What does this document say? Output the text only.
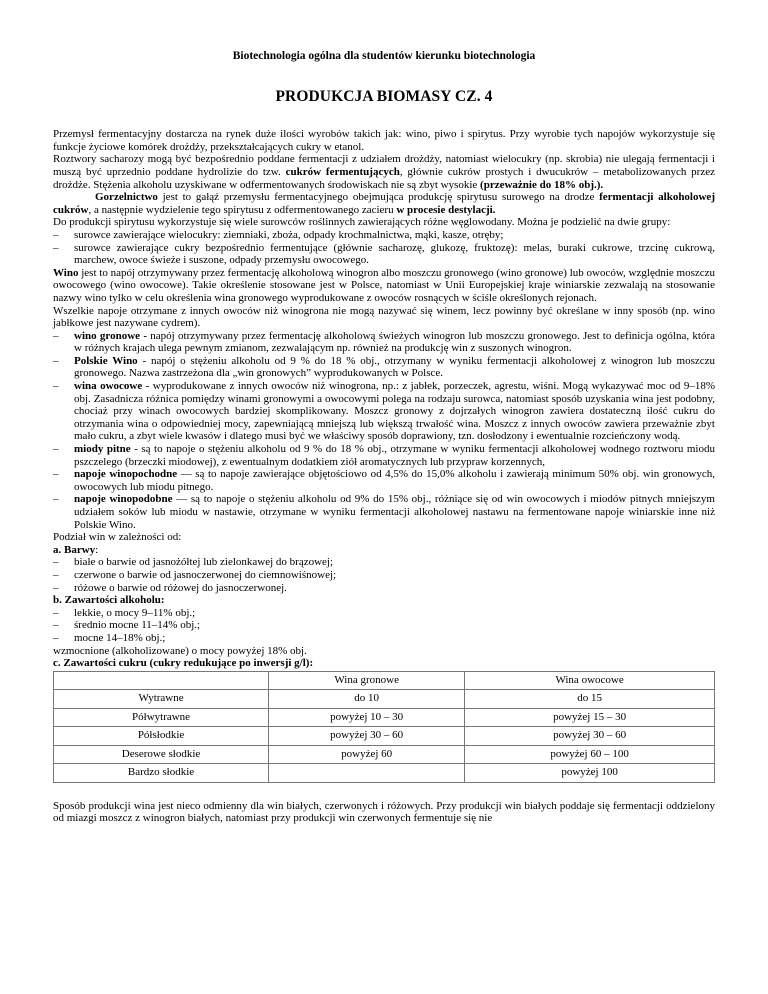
Biotechnologia ogólna dla studentów kierunku biotechnologia
PRODUKCJA BIOMASY CZ. 4

Przemysł fermentacyjny dostarcza na rynek duże ilości wyrobów takich jak: wino, piwo i spirytus. Przy wyrobie tych napojów wykorzystuje się funkcje życiowe komórek drożdży, przekształcających cukry w etanol.

Roztwory sacharozy mogą być bezpośrednio poddane fermentacji z udziałem drożdży, natomiast wielocukry (np. skrobia) nie ulegają fermentacji i muszą być uprzednio poddane hydrolizie do tzw. cukrów fermentujących, głównie cukrów prostych i dwucukrów – metabolizowanych przez drożdże. Stężenia alkoholu uzyskiwane w odfermentowanych środowiskach nie są zbyt wysokie (przeważnie do 18% obj.).

Gorzelnictwo jest to gałąź przemysłu fermentacyjnego obejmująca produkcję spirytusu surowego na drodze fermentacji alkoholowej cukrów, a następnie wydzielenie tego spirytusu z odfermentowanego zacieru w procesie destylacji.

Do produkcji spirytusu wykorzystuje się wiele surowców roślinnych zawierających różne węglowodany. Można je podzielić na dwie grupy:

– surowce zawierające wielocukry: ziemniaki, zboża, odpady krochmalnictwa, mąki, kasze, otręby;
– surowce zawierające cukry bezpośrednio fermentujące (głównie sacharozę, glukozę, fruktozę): melas, buraki cukrowe, trzcinę cukrową, marchew, owoce świeże i suszone, odpady przemysłu owocowego.

Wino jest to napój otrzymywany przez fermentację alkoholową winogron albo moszczu gronowego (wino gronowe) lub owoców, względnie moszczu owocowego (wino owocowe). Takie określenie stosowane jest w Polsce, natomiast w Unii Europejskiej kraje winiarskie zezwalają na stosowanie nazwy wino tylko w celu określenia wina gronowego wyprodukowane z owoców rosnących w ściśle określonych rejonach.

Wszelkie napoje otrzymane z innych owoców niż winogrona nie mogą nazywać się winem, lecz powinny być określane w inny sposób (np. wino jabłkowe jest nazywane cydrem).

– wino gronowe - napój otrzymywany przez fermentację alkoholową świeżych winogron lub moszczu gronowego. Jest to definicja ogólna, która w różnych krajach ulega pewnym zmianom, zezwalającym np. również na produkcję win z suszonych winogron.
– Polskie Wino - napój o stężeniu alkoholu od 9 % do 18 % obj., otrzymany w wyniku fermentacji alkoholowej z winogron lub moszczu gronowego. Nazwa zastrzeżona dla „win gronowych” wyprodukowanych w Polsce.
– wina owocowe - wyprodukowane z innych owoców niż winogrona, np.: z jabłek, porzeczek, agrestu, wiśni. Mogą wykazywać moc od 9–18% obj. Zasadnicza różnica pomiędzy winami gronowymi a owocowymi polega na rodzaju surowca, natomiast sposób uzyskania wina jest podobny, chociaż przy winach owocowych bardziej skomplikowany. Moszcz gronowy z dojrzałych winogron zawiera dostateczną ilość cukru do otrzymania wina o odpowiedniej mocy, zapewniającą mniejszą lub większą trwałość wina. Moszcz z innych owoców zawiera przeważnie zbyt mało cukru, a zbyt wiele kwasów i dlatego musi być we właściwy sposób doprawiony, tzn. dosłodzony i ewentualnie rozcieńczony wodą.
– miody pitne - są to napoje o stężeniu alkoholu od 9 % do 18 % obj., otrzymane w wyniku fermentacji alkoholowej wodnego roztworu miodu pszczelego (brzeczki miodowej), z ewentualnym dodatkiem ziół aromatycznych lub przypraw korzennych,
– napoje winopochodne — są to napoje zawierające objętościowo od 4,5% do 15,0% alkoholu i zawierają minimum 50% obj. win gronowych, owocowych lub miodu pitnego.
– napoje winopodobne — są to napoje o stężeniu alkoholu od 9% do 15% obj., różniące się od win owocowych i miodów pitnych mniejszym udziałem soków lub miodu w nastawie, otrzymane w wyniku fermentacji alkoholowej nastawu na fermentowane napoje winiarskie inne niż Polskie Wino.

Podział win w zależności od:

a. Barwy:

– białe o barwie od jasnożółtej lub zielonkawej do brązowej;
– czerwone o barwie od jasnoczerwonej do ciemnowiśnowej;
– różowe o barwie od różowej do jasnoczerwonej.

b. Zawartości alkoholu:

– lekkie, o mocy 9–11% obj.;
– średnio mocne 11–14% obj.;
– mocne 14–18% obj.;

wzmocnione (alkoholizowane) o mocy powyżej 18% obj.

c. Zawartości cukru (cukry redukujące po inwersji g/l):

	Wina gronowe	Wina owocowe
Wytrawne	do 10	do 15
Półwytrawne	powyżej 10 – 30	powyżej 15 – 30
Półsłodkie	powyżej 30 – 60	powyżej 30 – 60
Deserowe słodkie	powyżej 60	powyżej 60 – 100
Bardzo słodkie		powyżej 100

Sposób produkcji wina jest nieco odmienny dla win białych, czerwonych i różowych. Przy produkcji win białych poddaje się fermentacji oddzielony od miazgi moszcz z winogron białych, natomiast przy produkcji win czerwonych fermentuje się nie
